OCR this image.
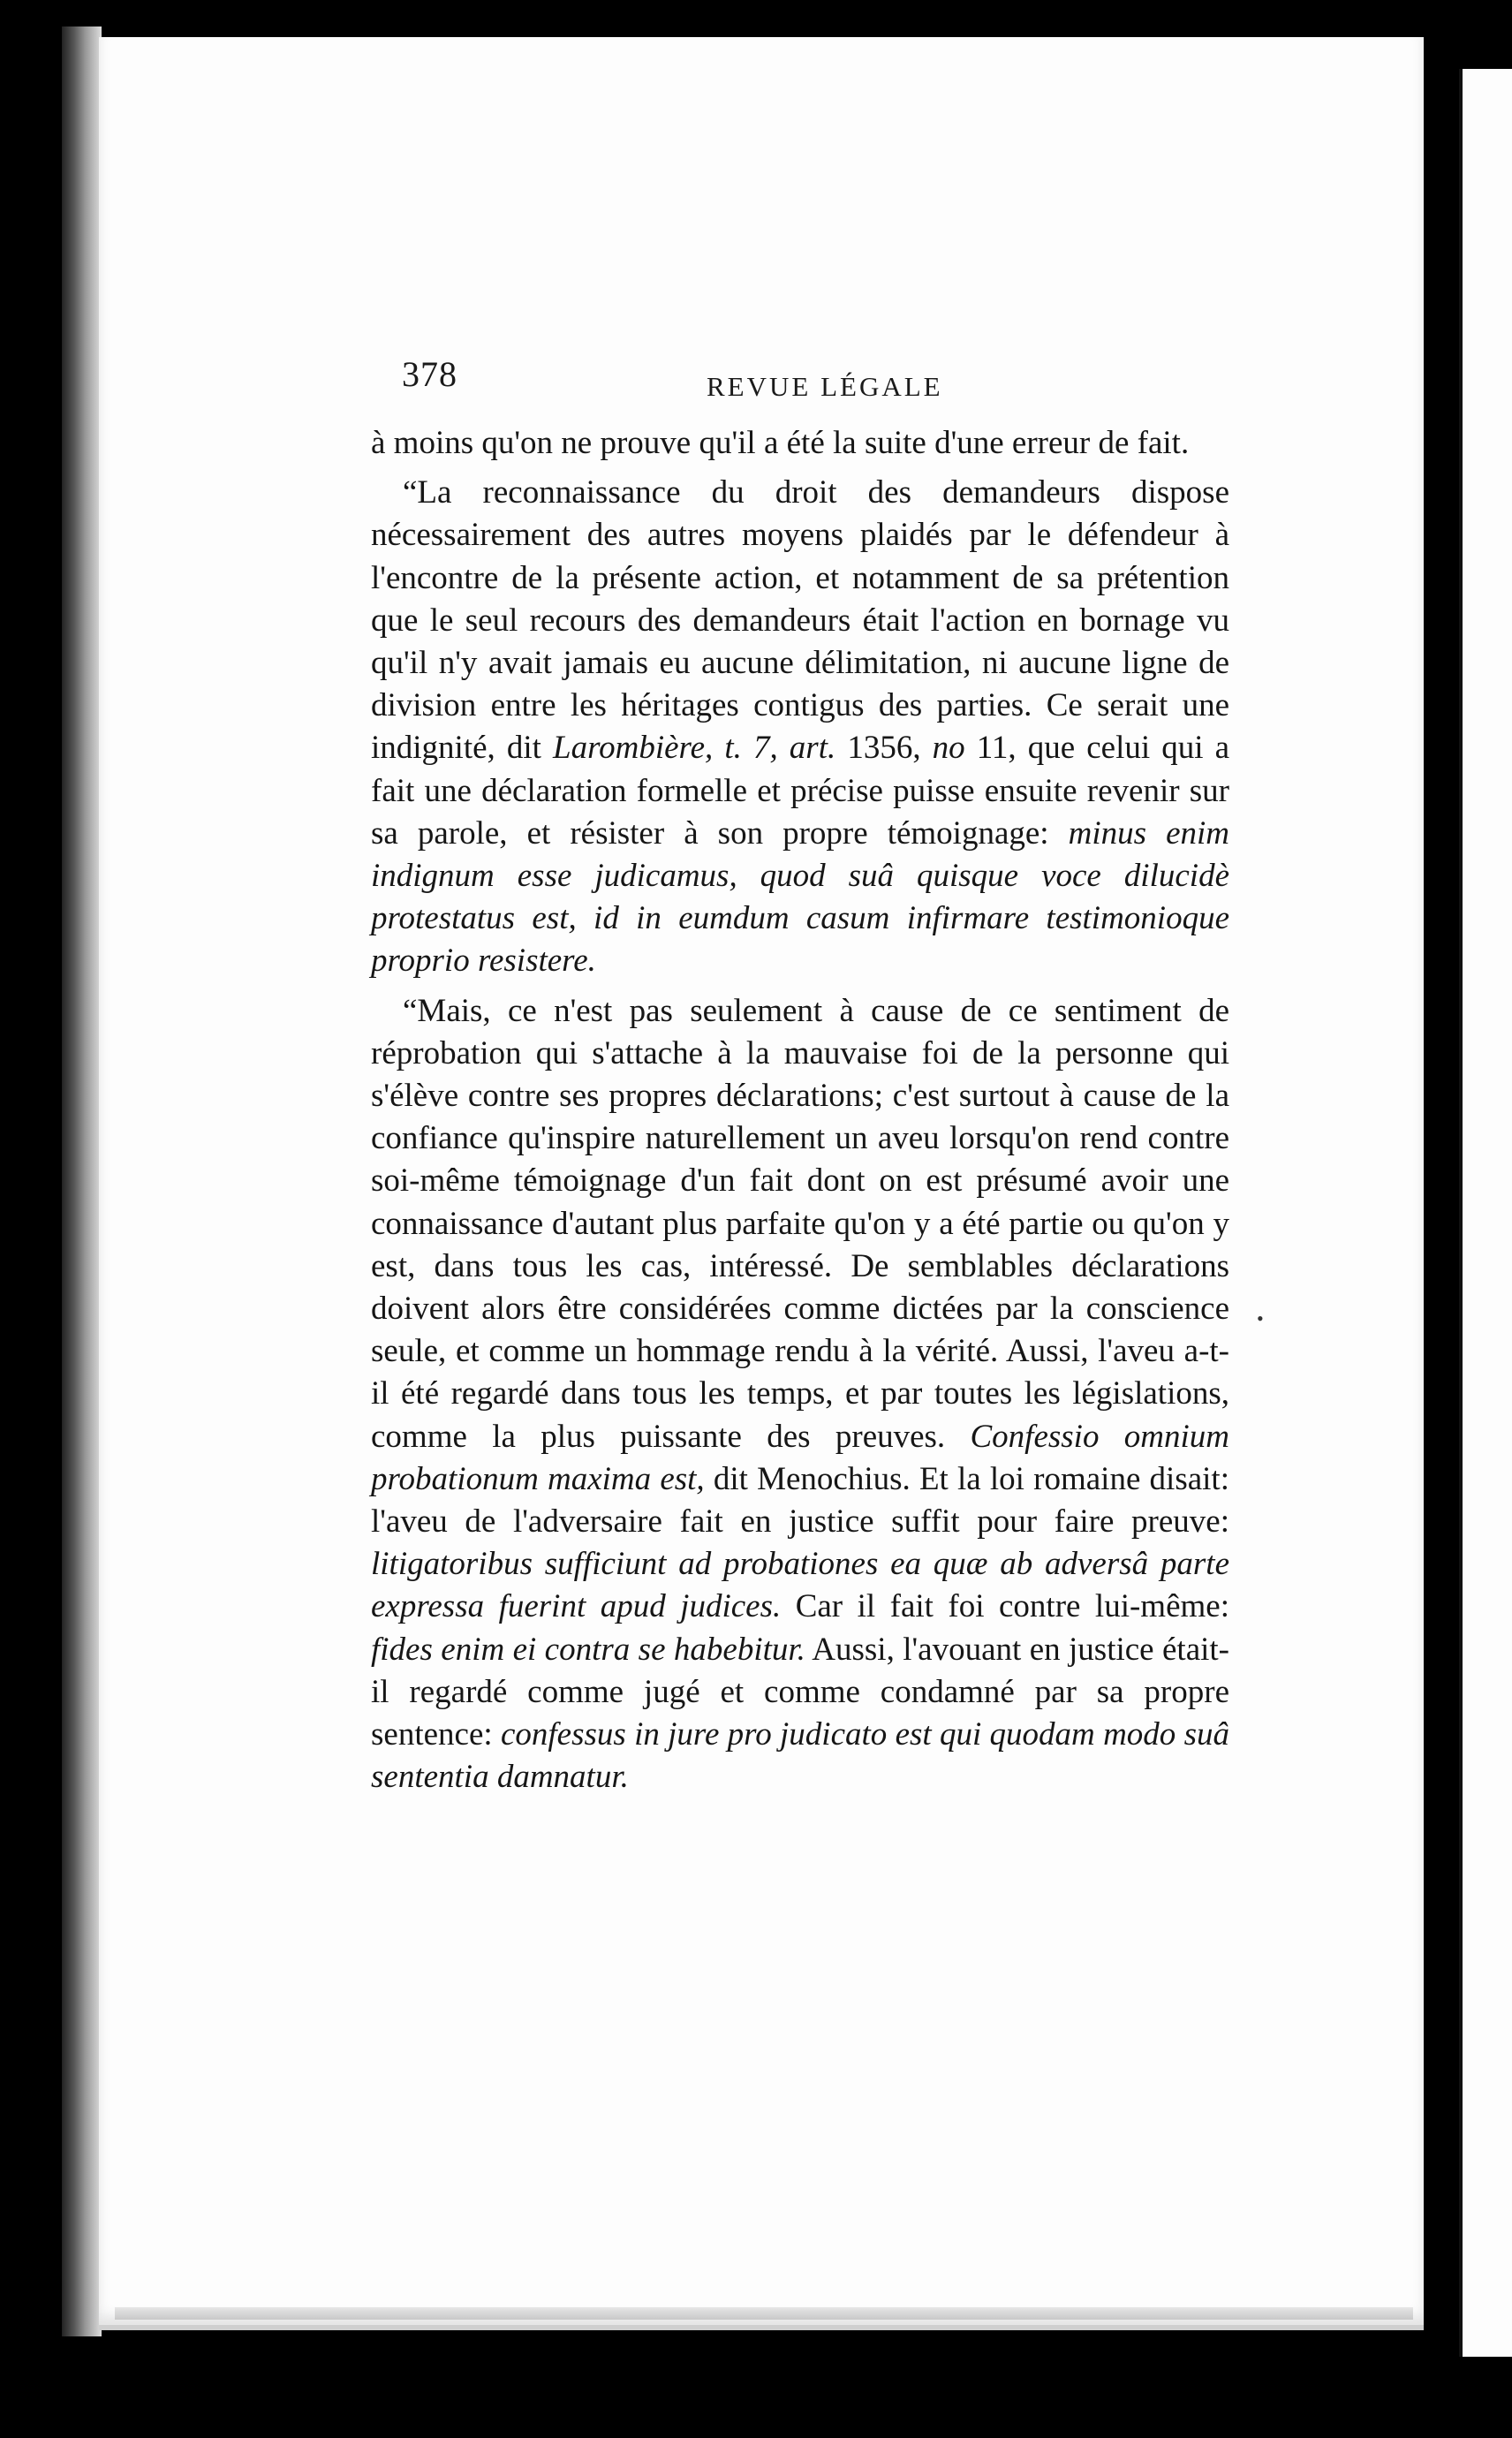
378	REVUE LÉGALE

à moins qu'on ne prouve qu'il a été la suite d'une erreur de fait.

“La reconnaissance du droit des demandeurs dispose nécessairement des autres moyens plaidés par le défendeur à l'encontre de la présente action, et notamment de sa prétention que le seul recours des demandeurs était l'action en bornage vu qu'il n'y avait jamais eu aucune délimitation, ni aucune ligne de division entre les héritages contigus des parties. Ce serait une indignité, dit Larombière, t. 7, art. 1356, no 11, que celui qui a fait une déclaration formelle et précise puisse ensuite revenir sur sa parole, et résister à son propre témoignage: minus enim indignum esse judicamus, quod suâ quisque voce dilucidè protestatus est, id in eumdum casum infirmare testimonioque proprio resistere.

“Mais, ce n'est pas seulement à cause de ce sentiment de réprobation qui s'attache à la mauvaise foi de la personne qui s'élève contre ses propres déclarations; c'est surtout à cause de la confiance qu'inspire naturellement un aveu lorsqu'on rend contre soi-même témoignage d'un fait dont on est présumé avoir une connaissance d'autant plus parfaite qu'on y a été partie ou qu'on y est, dans tous les cas, intéressé. De semblables déclarations doivent alors être considérées comme dictées par la conscience seule, et comme un hommage rendu à la vérité. Aussi, l'aveu a-t-il été regardé dans tous les temps, et par toutes les législations, comme la plus puissante des preuves. Confessio omnium probationum maxima est, dit Menochius. Et la loi romaine disait: l'aveu de l'adversaire fait en justice suffit pour faire preuve: litigatoribus sufficiunt ad probationes ea quæ ab adversâ parte expressa fuerint apud judices. Car il fait foi contre lui-même: fides enim ei contra se habebitur. Aussi, l'avouant en justice était-il regardé comme jugé et comme condamné par sa propre sentence: confessus in jure pro judicato est qui quodam modo suâ sententia damnatur.

•
